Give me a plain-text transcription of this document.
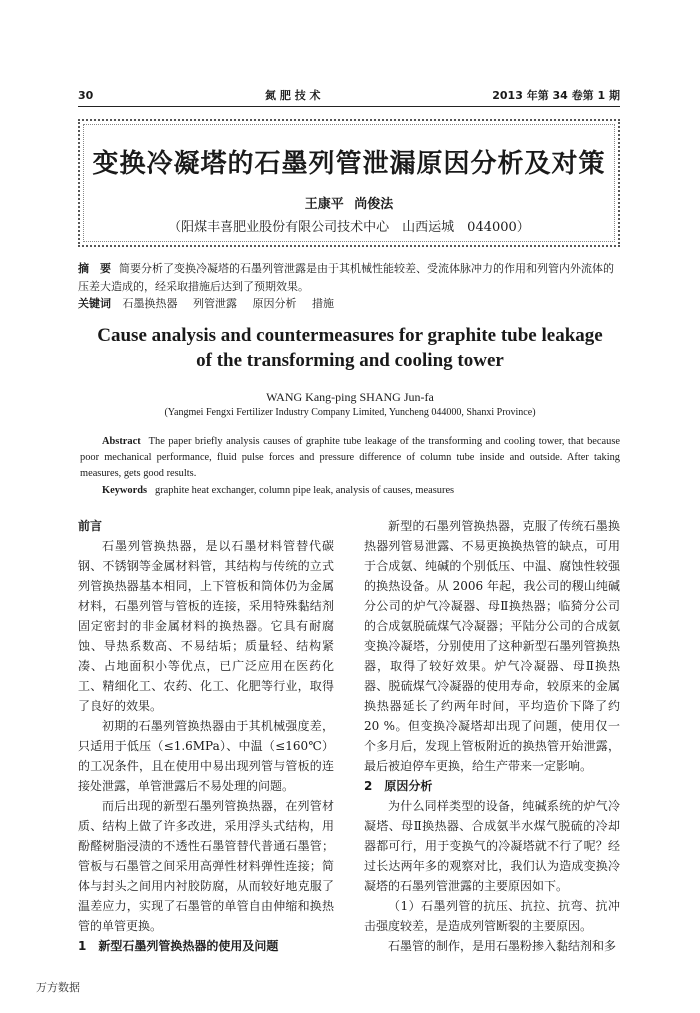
30	氮 肥 技 术	2013 年第 34 卷第 1 期
变换冷凝塔的石墨列管泄漏原因分析及对策
王康平 尚俊法
（阳煤丰喜肥业股份有限公司技术中心　山西运城　044000）
摘　要 简要分析了变换冷凝塔的石墨列管泄露是由于其机械性能较差、受流体脉冲力的作用和列管内外流体的压差大造成的，经采取措施后达到了预期效果。
关键词 石墨换热器 列管泄露 原因分析 措施
Cause analysis and countermeasures for graphite tube leakage of the transforming and cooling tower
WANG Kang-ping SHANG Jun-fa
(Yangmei Fengxi Fertilizer Industry Company Limited, Yuncheng 044000, Shanxi Province)
Abstract The paper briefly analysis causes of graphite tube leakage of the transforming and cooling tower, that because poor mechanical performance, fluid pulse forces and pressure difference of column tube inside and outside. After taking measures, gets good results.
Keywords graphite heat exchanger, column pipe leak, analysis of causes, measures
前言

石墨列管换热器，是以石墨材料管替代碳钢、不锈钢等金属材料管，其结构与传统的立式列管换热器基本相同，上下管板和筒体仍为金属材料，石墨列管与管板的连接，采用特殊黏结剂固定密封的非金属材料的换热器。它具有耐腐蚀、导热系数高、不易结垢；质量轻、结构紧凑、占地面积小等优点，已广泛应用在医药化工、精细化工、农药、化工、化肥等行业，取得了良好的效果。

初期的石墨列管换热器由于其机械强度差，只适用于低压（≤1.6MPa）、中温（≤160℃）的工况条件，且在使用中易出现列管与管板的连接处泄露，单管泄露后不易处理的问题。

而后出现的新型石墨列管换热器，在列管材质、结构上做了许多改进，采用浮头式结构，用酚醛树脂浸渍的不透性石墨管替代普通石墨管；管板与石墨管之间采用高弹性材料弹性连接；简体与封头之间用内衬胶防腐，从而较好地克服了温差应力，实现了石墨管的单管自由伸缩和换热管的单管更换。

1　新型石墨列管换热器的使用及问题

新型的石墨列管换热器，克服了传统石墨换热器列管易泄露、不易更换换热管的缺点，可用于合成氨、纯碱的个别低压、中温、腐蚀性较强的换热设备。从 2006 年起，我公司的稷山纯碱分公司的炉气冷凝器、母Ⅱ换热器；临猗分公司的合成氨脱硫煤气冷凝器；平陆分公司的合成氨变换冷凝塔，分别使用了这种新型石墨列管换热器，取得了较好效果。炉气冷凝器、母Ⅱ换热器、脱硫煤气冷凝器的使用寿命，较原来的金属换热器延长了约两年时间，平均造价下降了约 20 %。但变换冷凝塔却出现了问题，使用仅一个多月后，发现上管板附近的换热管开始泄露，最后被迫停车更换，给生产带来一定影响。

2　原因分析

为什么同样类型的设备，纯碱系统的炉气冷凝塔、母Ⅱ换热器、合成氨半水煤气脱硫的冷却器都可行，用于变换气的冷凝塔就不行了呢？经过长达两年多的观察对比，我们认为造成变换冷凝塔的石墨列管泄露的主要原因如下。

（1）石墨列管的抗压、抗拉、抗弯、抗冲击强度较差，是造成列管断裂的主要原因。

石墨管的制作，是用石墨粉掺入黏结剂和多

万方数据
